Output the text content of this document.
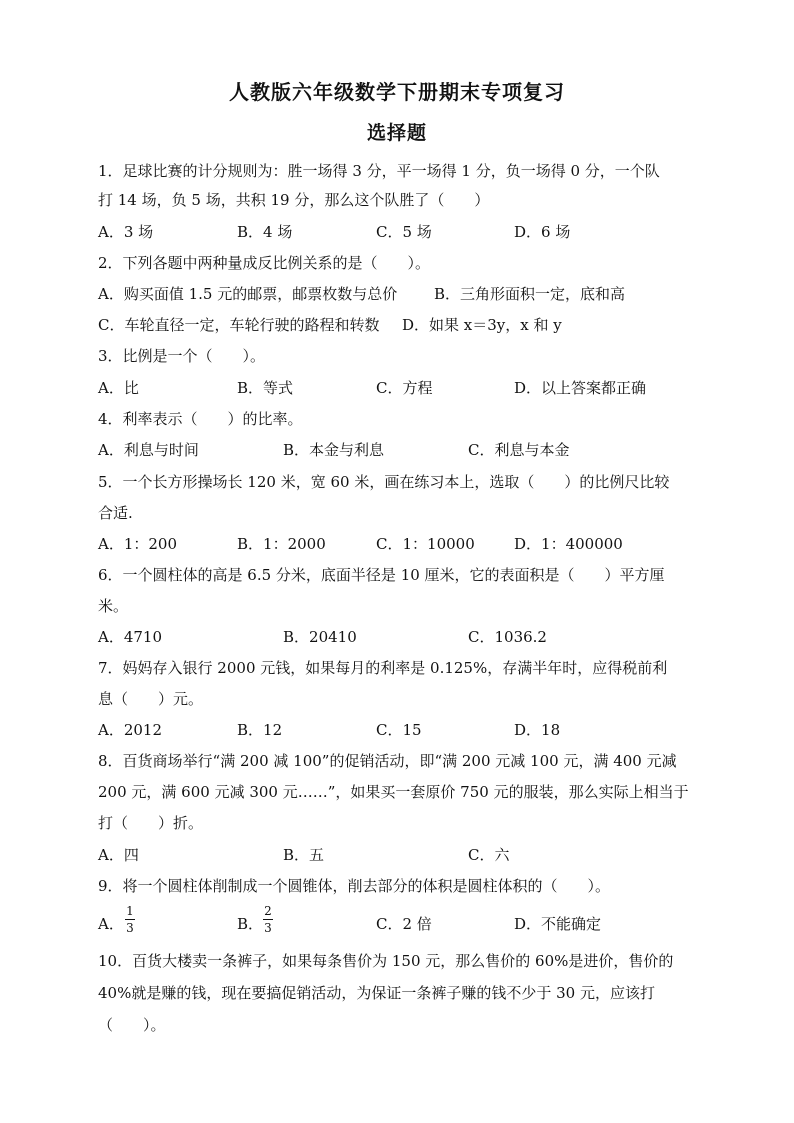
人教版六年级数学下册期末专项复习
选择题
1．足球比赛的计分规则为：胜一场得 3 分，平一场得 1 分，负一场得 0 分，一个队
打 14 场，负 5 场，共积 19 分，那么这个队胜了（　　）
A．3 场	B．4 场	C．5 场	D．6 场
2．下列各题中两种量成反比例关系的是（　　）。
A．购买面值 1.5 元的邮票，邮票枚数与总价 B．三角形面积一定，底和高
C．车轮直径一定，车轮行驶的路程和转数 D．如果 x＝3y，x 和 y
3．比例是一个（　　）。
A．比	B．等式	C．方程	D．以上答案都正确
4．利率表示（　　）的比率。
A．利息与时间	B．本金与利息	C．利息与本金
5．一个长方形操场长 120 米，宽 60 米，画在练习本上，选取（　　）的比例尺比较
合适.
A．1：200	B．1：2000	C．1：10000	D．1：400000
6．一个圆柱体的高是 6.5 分米，底面半径是 10 厘米，它的表面积是（　　）平方厘
米。
A．4710	B．20410	C．1036.2
7．妈妈存入银行 2000 元钱，如果每月的利率是 0.125%，存满半年时，应得税前利
息（　　）元。
A．2012	B．12	C．15	D．18
8．百货商场举行“满 200 减 100”的促销活动，即“满 200 元减 100 元，满 400 元减
200 元，满 600 元减 300 元……”，如果买一套原价 750 元的服装，那么实际上相当于
打（　　）折。
A．四	B．五	C．六
9．将一个圆柱体削制成一个圆锥体，削去部分的体积是圆柱体积的（　　）。
A．
1
3	B．
2
3	C．2 倍	D．不能确定
10．百货大楼卖一条裤子，如果每条售价为 150 元，那么售价的 60%是进价，售价的
40%就是赚的钱，现在要搞促销活动，为保证一条裤子赚的钱不少于 30 元，应该打
（　　）。
